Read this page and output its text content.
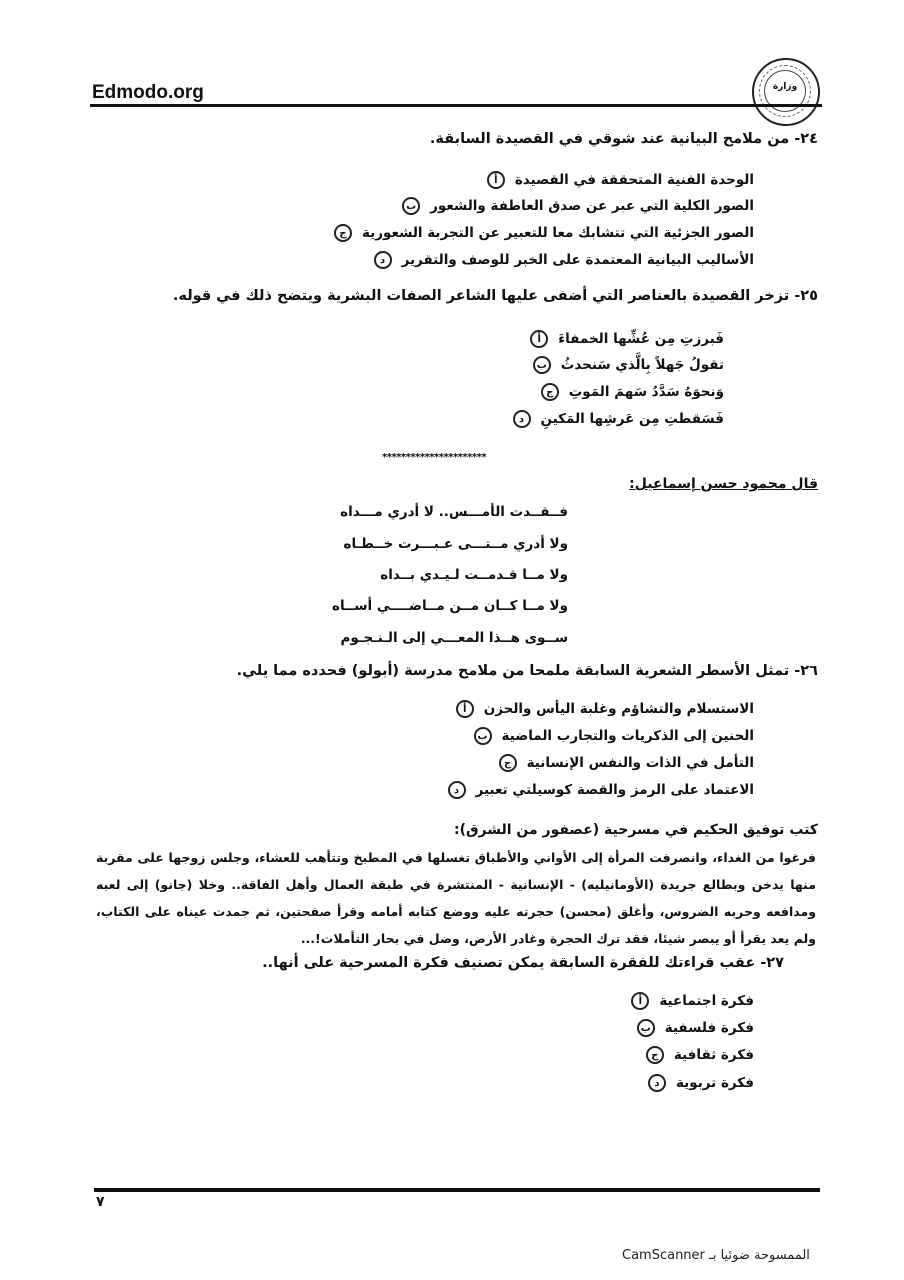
Edmodo.org	وزارة
٢٤- من ملامح البيانية عند شوقي في القصيدة السابقة.
أ	الوحدة الفنية المتحققة في القصيدة
ب الصور الكلية التي عبر عن صدق العاطفة والشعور
ج	الصور الجزئية التي تتشابك معا للتعبير عن التجربة الشعورية
د	الأساليب البيانية المعتمدة على الخبر للوصف والتقرير
٢٥- تزخر القصيدة بالعناصر التي أضفى عليها الشاعر الصفات البشرية ويتضح ذلك في قوله.
أ	فَبرزتِ مِن عُشِّها الخمفاءَ
ب تقولُ جَهلاً بِالَّذي سَنحدثُ
ج	وَنحوَهُ سَدَّدُ سَهمَ المَوتِ
د	فَسَقطتِ مِن عَرشِها المَكينِ
**********************
قال محمود حسن إسماعيل:
فــقــدت الأمـــس.. لا أدري مـــداه
ولا أدري مــتـــى عـبـــرت خــطـاه
ولا مــا قـدمــت لـيـدي بــداه
ولا مــا كــان مــن مــاضــــي أســاه
ســوى هــذا المعـــي إلى الـنـجـوم
٢٦- تمثل الأسطر الشعرية السابقة ملمحا من ملامح مدرسة (أبولو) فحدده مما يلي.
أ	الاستسلام والتشاؤم وغلبة اليأس والحزن
ب الحنين إلى الذكريات والتجارب الماضية
ج	التأمل في الذات والنفس الإنسانية
د	الاعتماد على الرمز والقصة كوسيلتي تعبير
كتب توفيق الحكيم في مسرحية (عصفور من الشرق):
فرغوا من الغداء، وانصرفت المرأة إلى الأواني والأطباق تغسلها في المطبخ وتتأهب للعشاء، وجلس زوجها على مقربة منها يدخن وبطالع جريدة (الأومانيليه) - الإنسانية - المنتشرة في طبقة العمال وأهل الفاقة.. وخلا (جانو) إلى لعبه ومدافعه وحربه الضروس، وأغلق (محسن) حجرته عليه ووضع كتابه أمامه وقرأ صفحتين، ثم جمدت عيناه على الكتاب، ولم يعد يقرأ أو يبصر شيئا، فقد ترك الحجرة وغادر الأرض، وضل في بحار التأملات!...
٢٧- عقب قراءتك للفقرة السابقة يمكن تصنيف فكرة المسرحية على أنها..
أ	فكرة اجتماعية
ب فكرة فلسفية
ج	فكرة ثقافية
د	فكرة تربوية
٧
الممسوحة ضوئيا بـ CamScanner
